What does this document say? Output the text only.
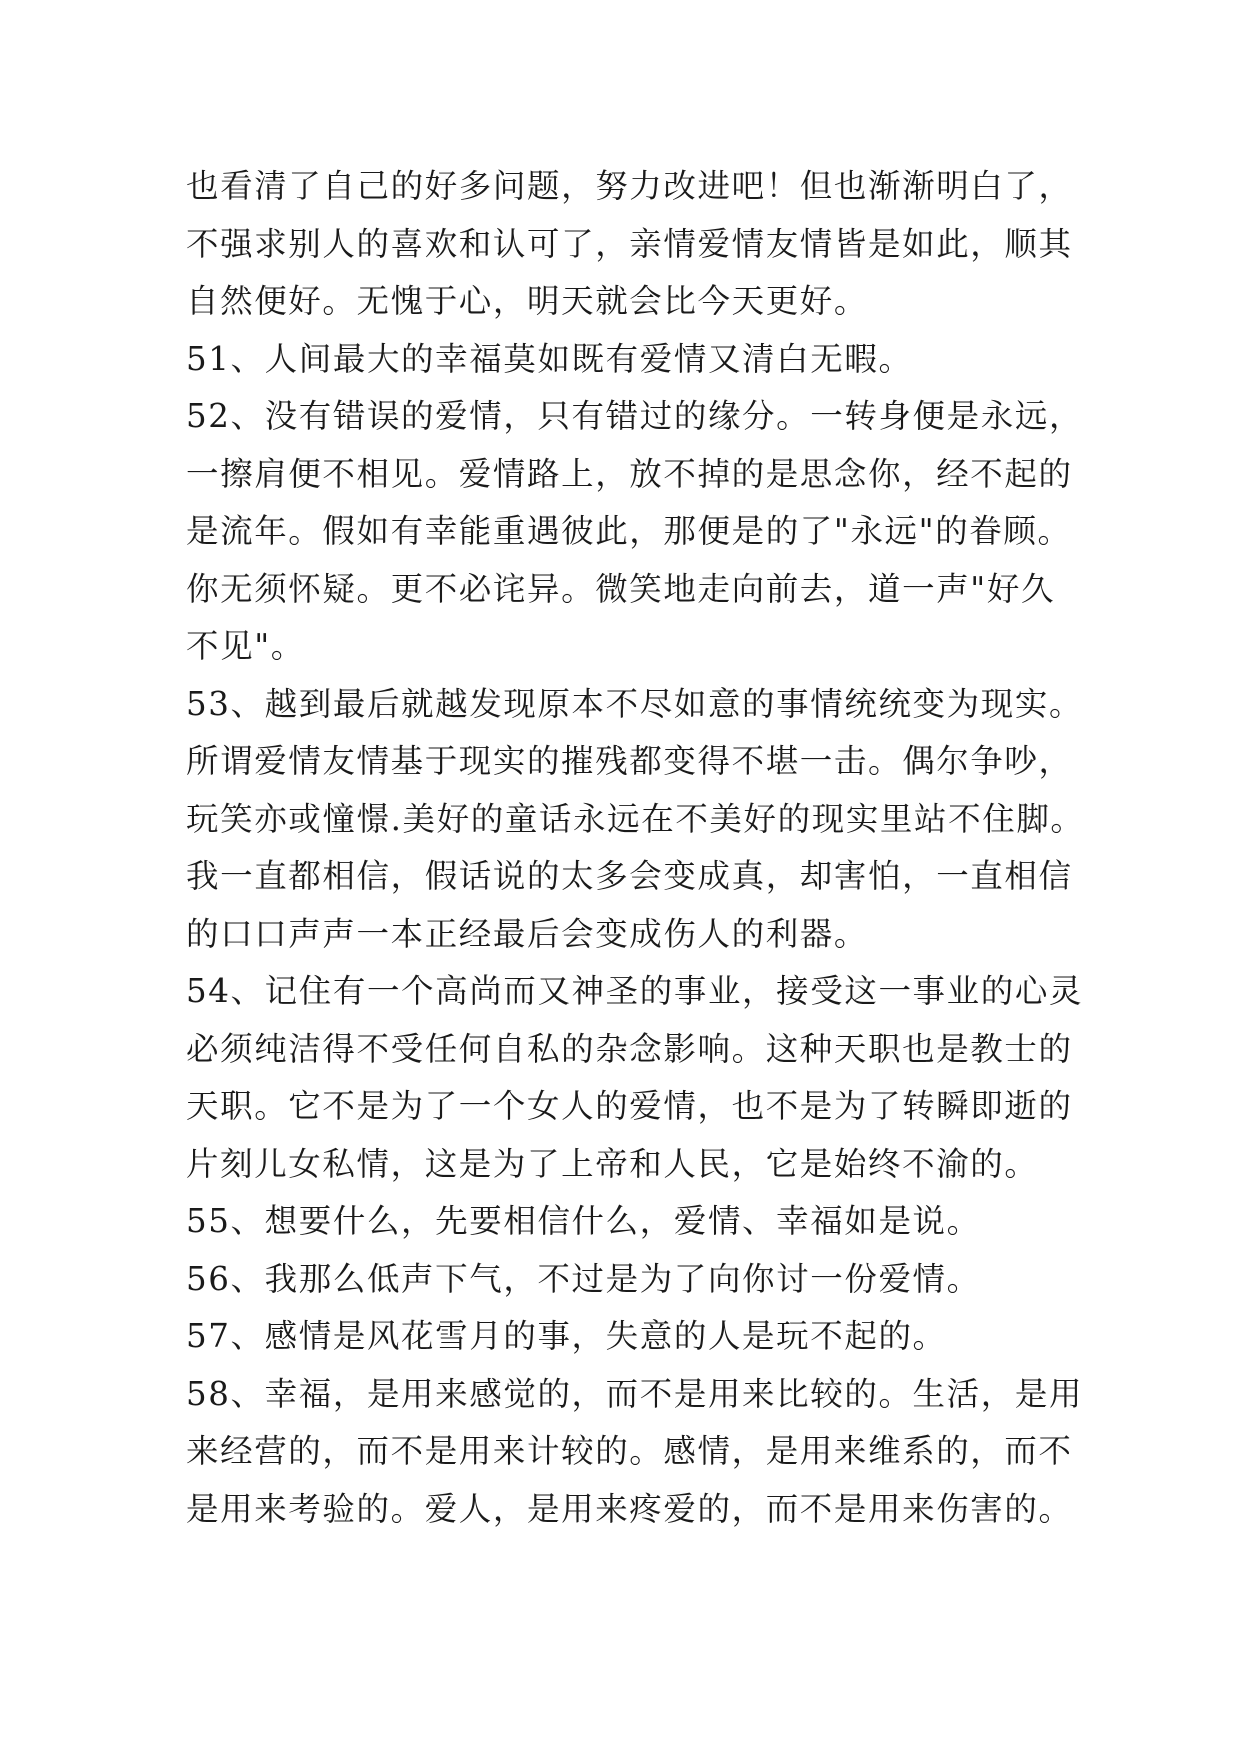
也看清了自己的好多问题，努力改进吧！但也渐渐明白了，
不强求别人的喜欢和认可了，亲情爱情友情皆是如此，顺其
自然便好。无愧于心，明天就会比今天更好。
51、人间最大的幸福莫如既有爱情又清白无暇。
52、没有错误的爱情，只有错过的缘分。一转身便是永远，
一擦肩便不相见。爱情路上，放不掉的是思念你，经不起的
是流年。假如有幸能重遇彼此，那便是的了"永远"的眷顾。
你无须怀疑。更不必诧异。微笑地走向前去，道一声"好久
不见"。
53、越到最后就越发现原本不尽如意的事情统统变为现实。
所谓爱情友情基于现实的摧残都变得不堪一击。偶尔争吵，
玩笑亦或憧憬.美好的童话永远在不美好的现实里站不住脚。
我一直都相信，假话说的太多会变成真，却害怕，一直相信
的口口声声一本正经最后会变成伤人的利器。
54、记住有一个高尚而又神圣的事业，接受这一事业的心灵
必须纯洁得不受任何自私的杂念影响。这种天职也是教士的
天职。它不是为了一个女人的爱情，也不是为了转瞬即逝的
片刻儿女私情，这是为了上帝和人民，它是始终不渝的。
55、想要什么，先要相信什么，爱情、幸福如是说。
56、我那么低声下气，不过是为了向你讨一份爱情。
57、感情是风花雪月的事，失意的人是玩不起的。
58、幸福，是用来感觉的，而不是用来比较的。生活，是用
来经营的，而不是用来计较的。感情，是用来维系的，而不
是用来考验的。爱人，是用来疼爱的，而不是用来伤害的。
